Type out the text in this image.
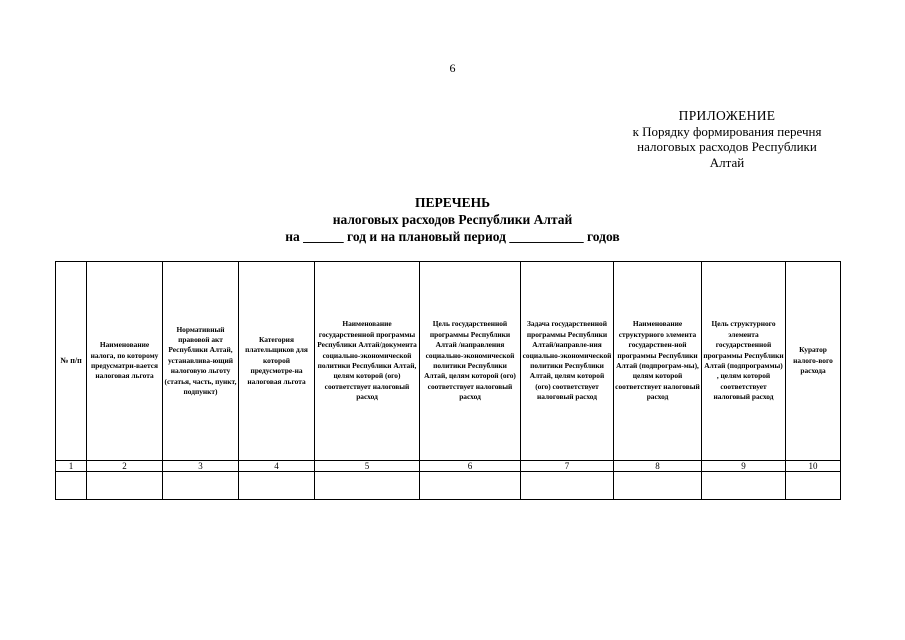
6
ПРИЛОЖЕНИЕ
к Порядку формирования перечня
налоговых расходов Республики
Алтай
ПЕРЕЧЕНЬ
налоговых расходов Республики Алтай
на ______ год и на плановый период ___________ годов
№ п/п	Наименование налога, по которому предусматри-вается налоговая льгота	Нормативный правовой акт Республики Алтай, устанавлива-ющий налоговую льготу (статья, часть, пункт, подпункт)	Категория плательщиков для которой предусмотре-на налоговая льгота	Наименование государственной программы Республики Алтай/документа социально-экономической политики Республики Алтай, целям которой (ого) соответствует налоговый расход	Цель государственной программы Республики Алтай /направления социально-экономической политики Республики Алтай, целям которой (ого) соответствует налоговый расход	Задача государственной программы Республики Алтай/направле-ния социально-экономической политики Республики Алтай, целям которой (ого) соответствует налоговый расход	Наименование структурного элемента государствен-ной программы Республики Алтай (подпрограм-мы), целям которой соответствует налоговый расход	Цель структурного элемента государственной программы Республики Алтай (подпрограммы) , целям которой соответствует налоговый расход	Куратор налого-вого расхода
1	2	3	4	5	6	7	8	9	10
